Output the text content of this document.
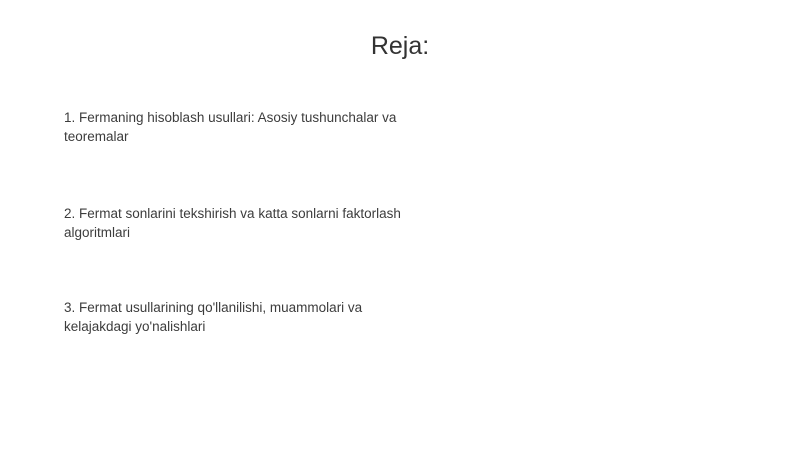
Reja:
1. Fermaning hisoblash usullari: Asosiy tushunchalar va teoremalar
2. Fermat sonlarini tekshirish va katta sonlarni faktorlash algoritmlari
3. Fermat usullarining qo'llanilishi, muammolari va kelajakdagi yo'nalishlari
